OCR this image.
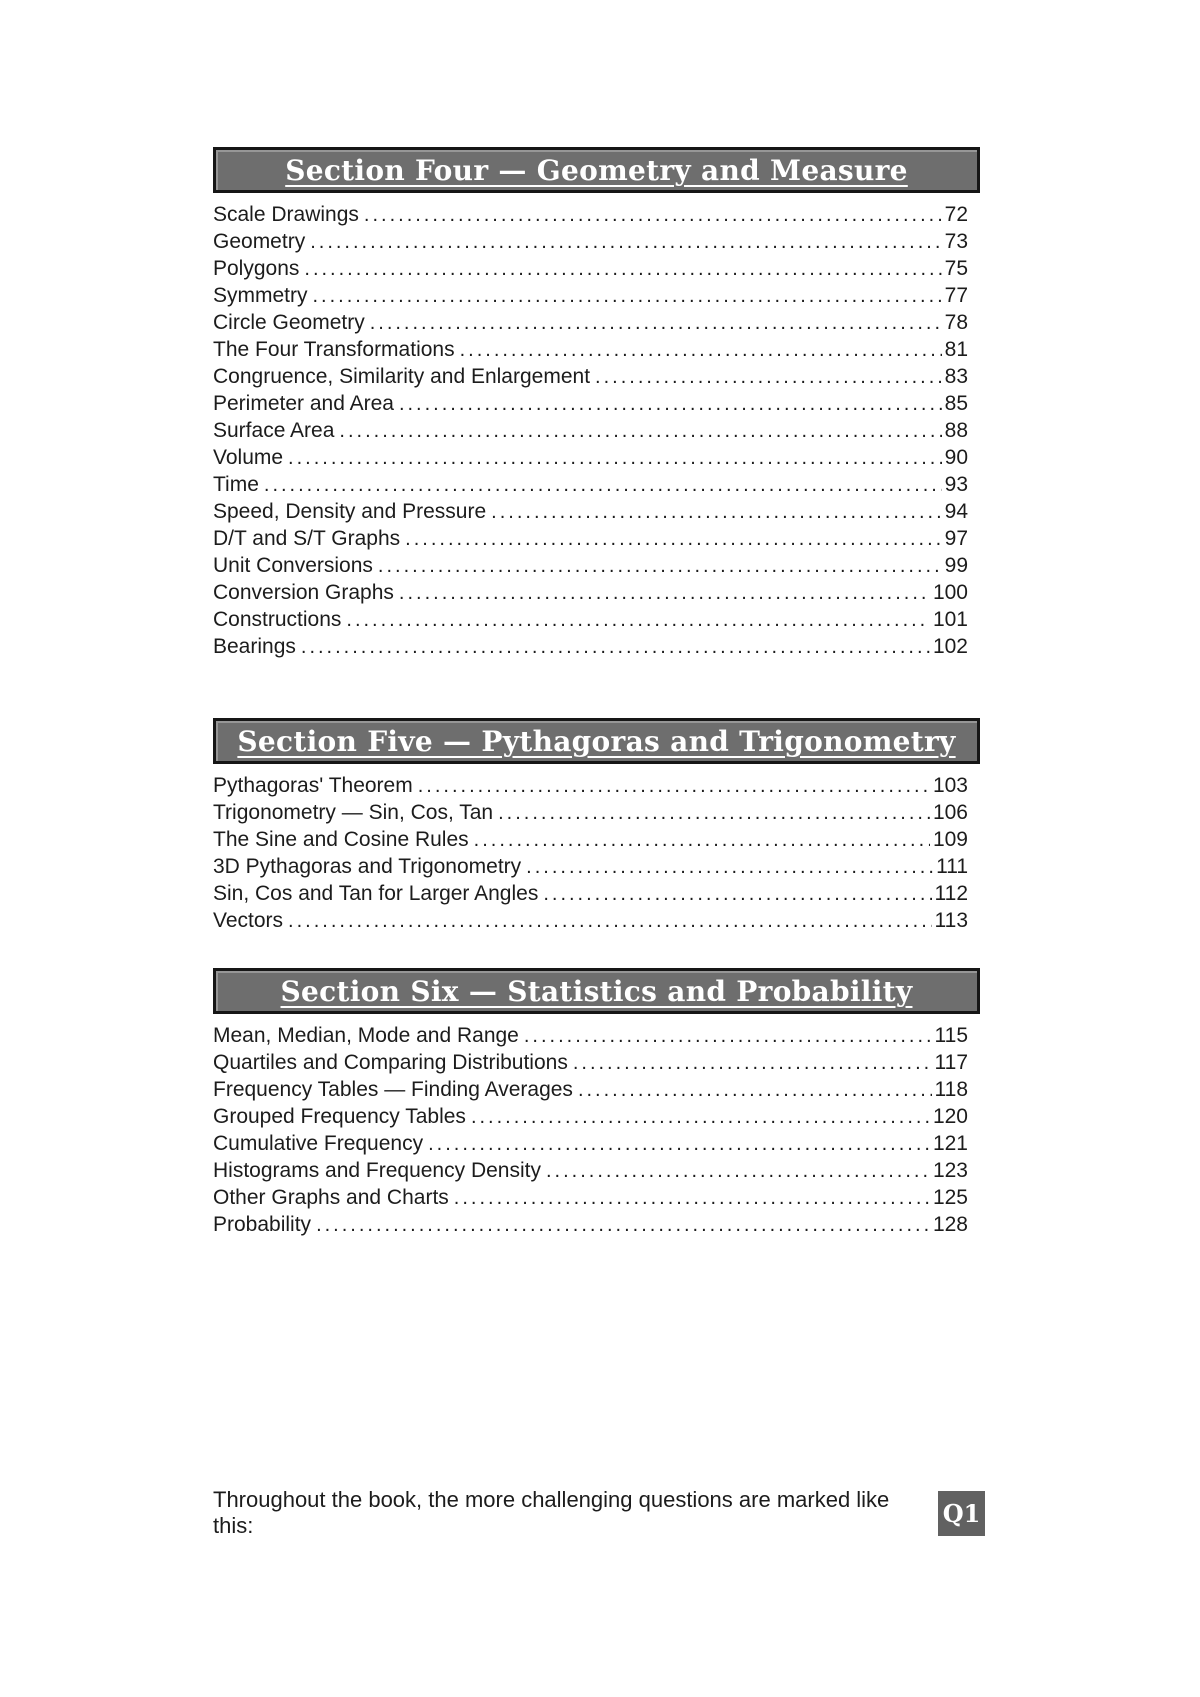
Section Four — Geometry and Measure
Scale Drawings .....	72
Geometry .....	73
Polygons .....	75
Symmetry .....	77
Circle Geometry .....	78
The Four Transformations .....	81
Congruence, Similarity and Enlargement .....	83
Perimeter and Area .....	85
Surface Area .....	88
Volume .....	90
Time .....	93
Speed, Density and Pressure .....	94
D/T and S/T Graphs .....	97
Unit Conversions .....	99
Conversion Graphs .....	100
Constructions .....	101
Bearings .....	102
Section Five — Pythagoras and Trigonometry
Pythagoras' Theorem .....	103
Trigonometry — Sin, Cos, Tan .....	106
The Sine and Cosine Rules .....	109
3D Pythagoras and Trigonometry .....	111
Sin, Cos and Tan for Larger Angles .....	112
Vectors .....	113
Section Six — Statistics and Probability
Mean, Median, Mode and Range .....	115
Quartiles and Comparing Distributions .....	117
Frequency Tables — Finding Averages .....	118
Grouped Frequency Tables .....	120
Cumulative Frequency .....	121
Histograms and Frequency Density .....	123
Other Graphs and Charts .....	125
Probability .....	128
Throughout the book, the more challenging questions are marked like this:	Q1
